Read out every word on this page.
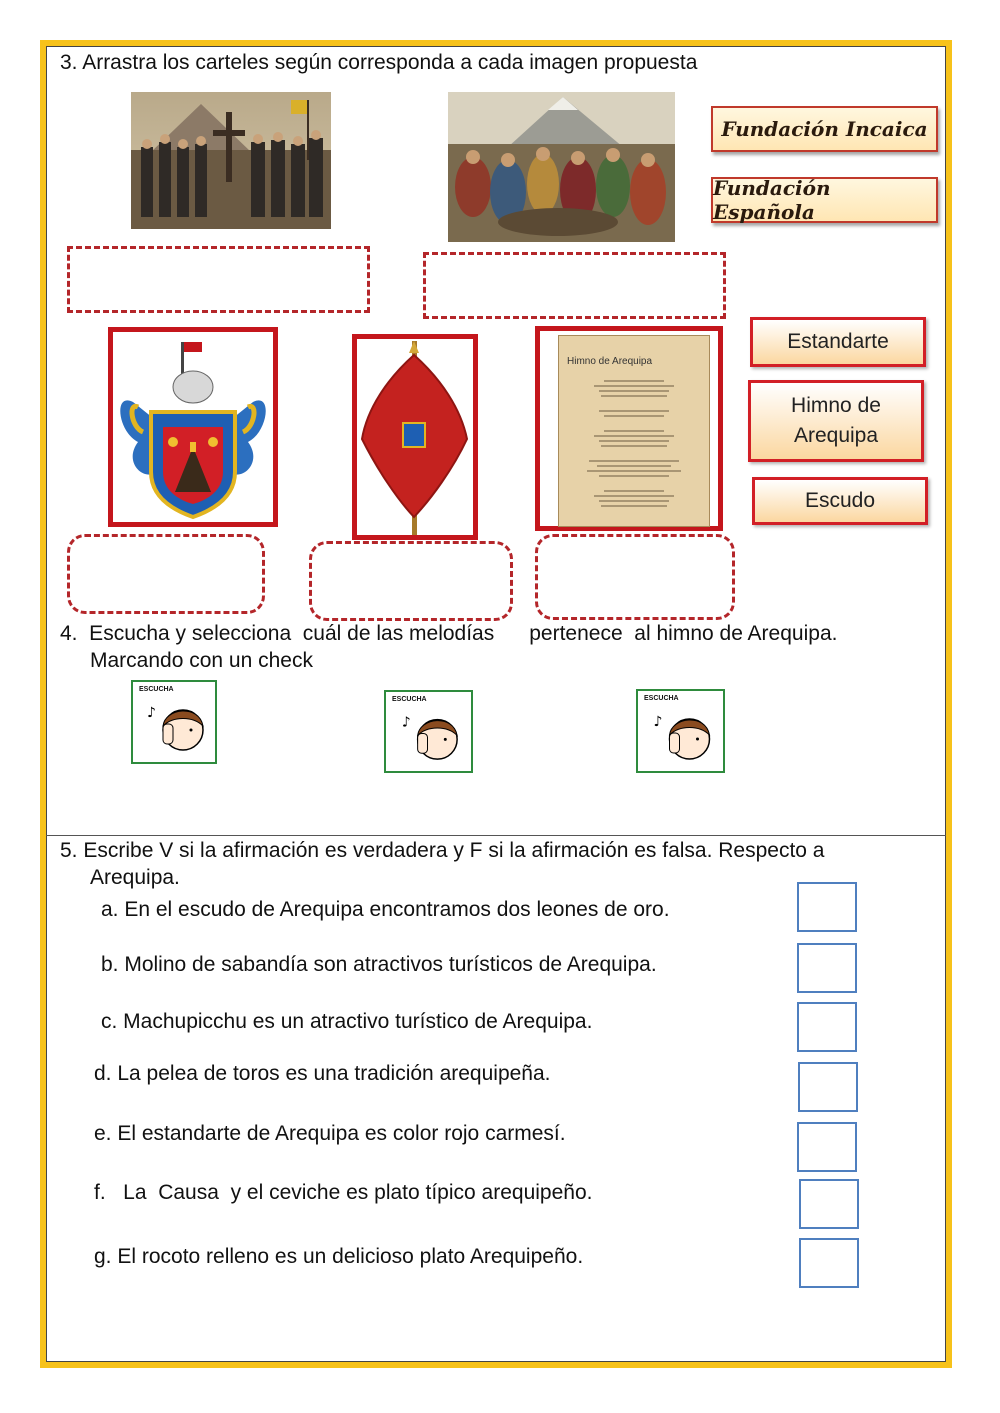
3. Arrastra los carteles según corresponda a cada imagen propuesta
Fundación Incaica
Fundación Española
Himno de Arequipa
Estandarte
Himno de Arequipa
Escudo
4.  Escucha y selecciona  cuál de las melodías      pertenece  al himno de Arequipa.
Marcando con un check
ESCUCHA
♪
ESCUCHA
♪
ESCUCHA
♪
5. Escribe V si la afirmación es verdadera y F si la afirmación es falsa. Respecto a
Arequipa.
a. En el escudo de Arequipa encontramos dos leones de oro.
b. Molino de sabandía son atractivos turísticos de Arequipa.
c. Machupicchu es un atractivo turístico de Arequipa.
d. La pelea de toros es una tradición arequipeña.
e. El estandarte de Arequipa es color rojo carmesí.
f.   La  Causa  y el ceviche es plato típico arequipeño.
g. El rocoto relleno es un delicioso plato Arequipeño.
